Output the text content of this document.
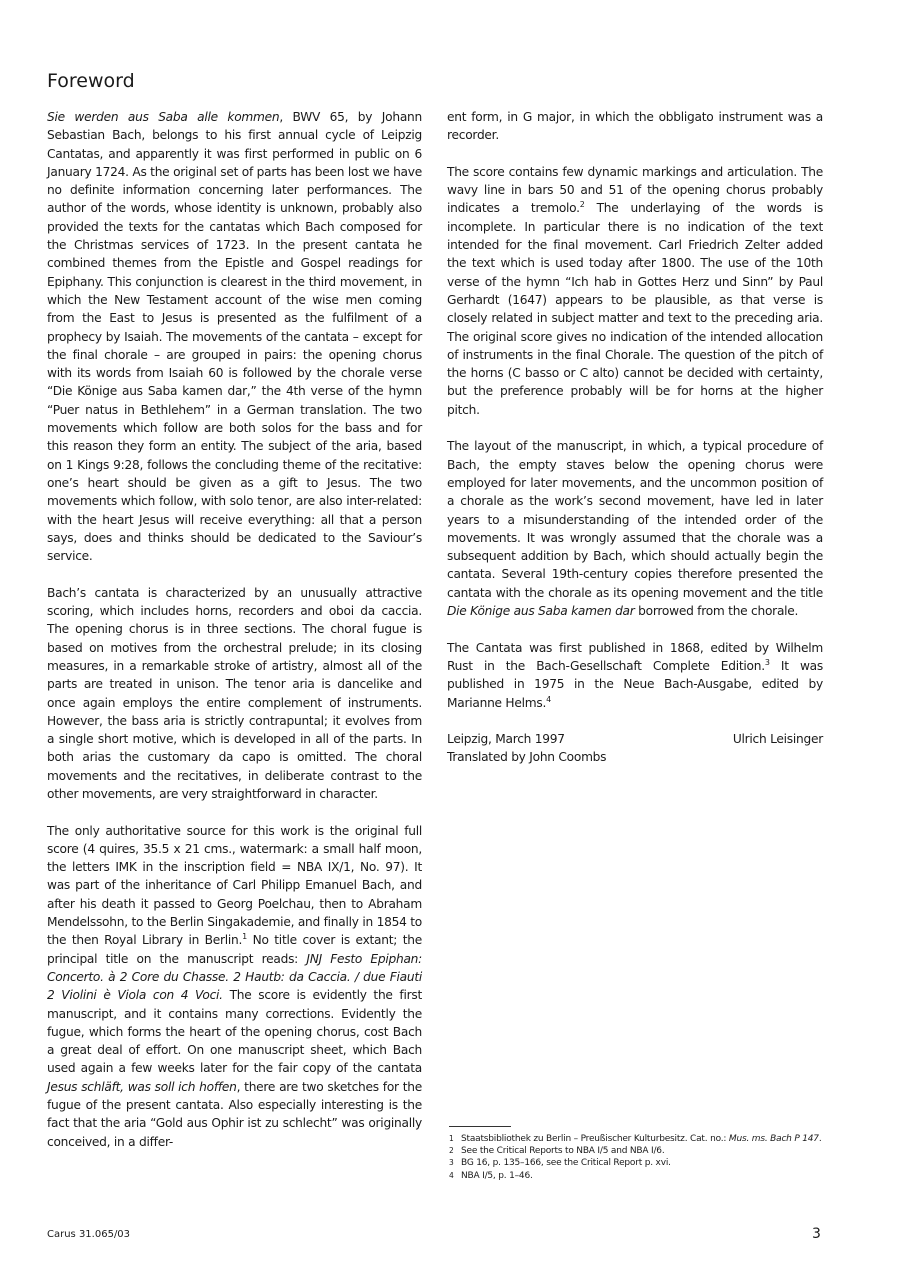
Foreword

Sie werden aus Saba alle kommen, BWV 65, by Johann Sebastian Bach, belongs to his first annual cycle of Leipzig Cantatas, and apparently it was first performed in public on 6 January 1724. As the original set of parts has been lost we have no definite information concerning later performances. The author of the words, whose identity is unknown, probably also provided the texts for the cantatas which Bach composed for the Christmas services of 1723. In the present cantata he combined themes from the Epistle and Gospel readings for Epiphany. This conjunction is clearest in the third movement, in which the New Testament account of the wise men coming from the East to Jesus is presented as the fulfilment of a prophecy by Isaiah. The movements of the cantata – except for the final chorale – are grouped in pairs: the opening chorus with its words from Isaiah 60 is followed by the chorale verse “Die Könige aus Saba kamen dar,” the 4th verse of the hymn “Puer natus in Bethlehem” in a German translation. The two movements which follow are both solos for the bass and for this reason they form an entity. The subject of the aria, based on 1 Kings 9:28, follows the concluding theme of the recitative: one’s heart should be given as a gift to Jesus. The two movements which follow, with solo tenor, are also inter-related: with the heart Jesus will receive everything: all that a person says, does and thinks should be dedicated to the Saviour’s service.

Bach’s cantata is characterized by an unusually attractive scoring, which includes horns, recorders and oboi da caccia. The opening chorus is in three sections. The choral fugue is based on motives from the orchestral prelude; in its closing measures, in a remarkable stroke of artistry, almost all of the parts are treated in unison. The tenor aria is dancelike and once again employs the entire complement of instruments. However, the bass aria is strictly contrapuntal; it evolves from a single short motive, which is developed in all of the parts. In both arias the customary da capo is omitted. The choral movements and the recitatives, in deliberate contrast to the other movements, are very straightforward in character.

The only authoritative source for this work is the original full score (4 quires, 35.5 x 21 cms., watermark: a small half moon, the letters IMK in the inscription field = NBA IX/1, No. 97). It was part of the inheritance of Carl Philipp Emanuel Bach, and after his death it passed to Georg Poelchau, then to Abraham Mendelssohn, to the Berlin Singakademie, and finally in 1854 to the then Royal Library in Berlin.$^1$ No title cover is extant; the principal title on the manuscript reads: JNJ Festo Epiphan: Concerto. à 2 Core du Chasse. 2 Hautb: da Caccia. / due Fiauti 2 Violini è Viola con 4 Voci. The score is evidently the first manuscript, and it contains many corrections. Evidently the fugue, which forms the heart of the opening chorus, cost Bach a great deal of effort. On one manuscript sheet, which Bach used again a few weeks later for the fair copy of the cantata Jesus schläft, was soll ich hoffen, there are two sketches for the fugue of the present cantata. Also especially interesting is the fact that the aria “Gold aus Ophir ist zu schlecht” was originally conceived, in a differ-

ent form, in G major, in which the obbligato instrument was a recorder.

The score contains few dynamic markings and articulation. The wavy line in bars 50 and 51 of the opening chorus probably indicates a tremolo.$^2$ The underlaying of the words is incomplete. In particular there is no indication of the text intended for the final movement. Carl Friedrich Zelter added the text which is used today after 1800. The use of the 10th verse of the hymn “Ich hab in Gottes Herz und Sinn” by Paul Gerhardt (1647) appears to be plausible, as that verse is closely related in subject matter and text to the preceding aria. The original score gives no indication of the intended allocation of instruments in the final Chorale. The question of the pitch of the horns (C basso or C alto) cannot be decided with certainty, but the preference probably will be for horns at the higher pitch.

The layout of the manuscript, in which, a typical procedure of Bach, the empty staves below the opening chorus were employed for later movements, and the uncommon position of a chorale as the work’s second movement, have led in later years to a misunderstanding of the intended order of the movements. It was wrongly assumed that the chorale was a subsequent addition by Bach, which should actually begin the cantata. Several 19th-century copies therefore presented the cantata with the chorale as its opening movement and the title Die Könige aus Saba kamen dar borrowed from the chorale.

The Cantata was first published in 1868, edited by Wilhelm Rust in the Bach-Gesellschaft Complete Edition.$^3$ It was published in 1975 in the Neue Bach-Ausgabe, edited by Marianne Helms.$^4$

Leipzig, March 1997	Ulrich Leisinger

Translated by John Coombs

1 Staatsbibliothek zu Berlin – Preußischer Kulturbesitz. Cat. no.: Mus. ms. Bach P 147.
2 See the Critical Reports to NBA I/5 and NBA I/6.
3 BG 16, p. 135–166, see the Critical Report p. xvi.
4 NBA I/5, p. 1–46.
Carus 31.065/03	3
